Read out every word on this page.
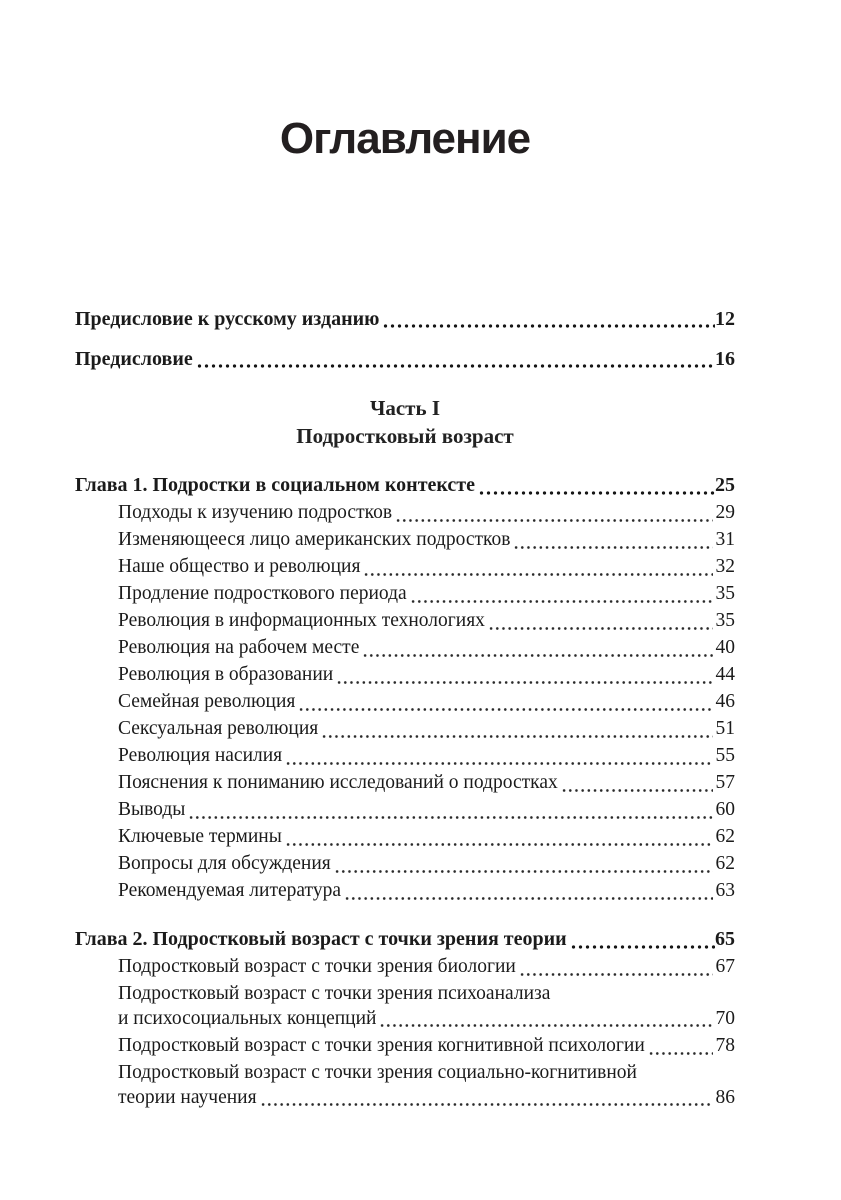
Оглавление
Предисловие к русскому изданию	12
Предисловие	16
Часть I
Подростковый возраст
Глава 1. Подростки в социальном контексте	25
Подходы к изучению подростков	29
Изменяющееся лицо американских подростков	31
Наше общество и революция	32
Продление подросткового периода	35
Революция в информационных технологиях	35
Революция на рабочем месте	40
Революция в образовании	44
Семейная революция	46
Сексуальная революция	51
Революция насилия	55
Пояснения к пониманию исследований о подростках	57
Выводы	60
Ключевые термины	62
Вопросы для обсуждения	62
Рекомендуемая литература	63
Глава 2. Подростковый возраст с точки зрения теории	65
Подростковый возраст с точки зрения биологии	67
Подростковый возраст с точки зрения психоанализа
и психосоциальных концепций	70
Подростковый возраст с точки зрения когнитивной психологии	78
Подростковый возраст с точки зрения социально-когнитивной
теории научения	86
